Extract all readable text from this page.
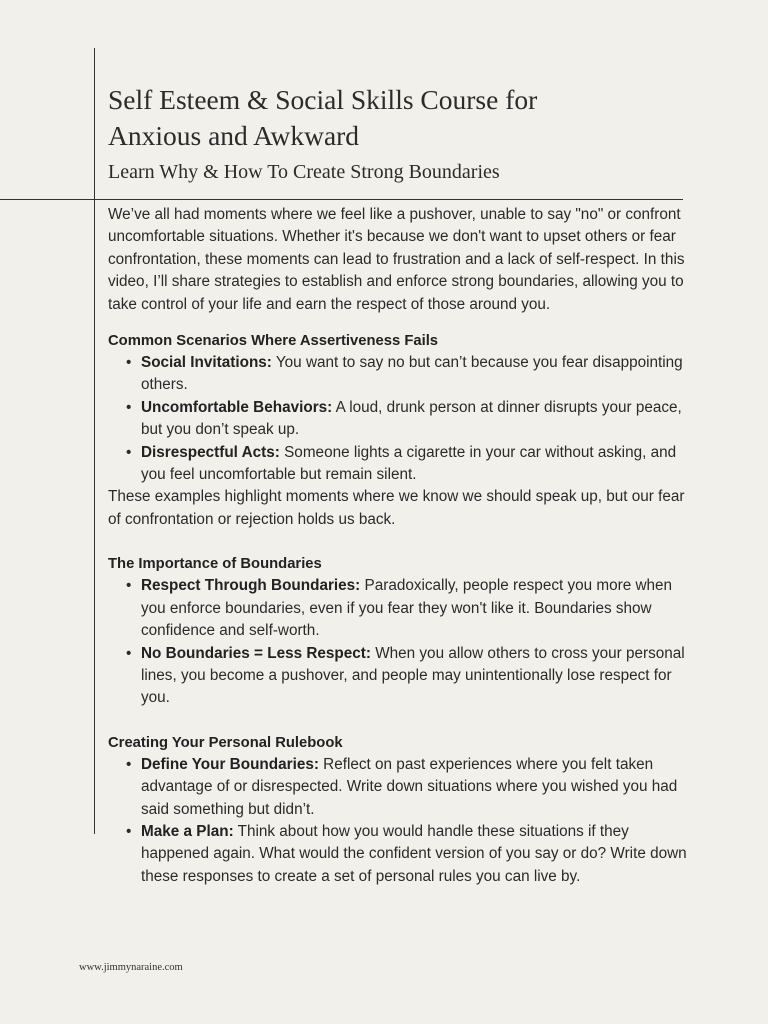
Self Esteem & Social Skills Course for
Anxious and Awkward
Learn Why & How To Create Strong Boundaries

We’ve all had moments where we feel like a pushover, unable to say "no" or confront uncomfortable situations. Whether it's because we don't want to upset others or fear confrontation, these moments can lead to frustration and a lack of self-respect. In this video, I’ll share strategies to establish and enforce strong boundaries, allowing you to take control of your life and earn the respect of those around you.

Common Scenarios Where Assertiveness Fails
• Social Invitations: You want to say no but can’t because you fear disappointing others.
• Uncomfortable Behaviors: A loud, drunk person at dinner disrupts your peace, but you don’t speak up.
• Disrespectful Acts: Someone lights a cigarette in your car without asking, and you feel uncomfortable but remain silent.

These examples highlight moments where we know we should speak up, but our fear of confrontation or rejection holds us back.

The Importance of Boundaries
• Respect Through Boundaries: Paradoxically, people respect you more when you enforce boundaries, even if you fear they won't like it. Boundaries show confidence and self-worth.
• No Boundaries = Less Respect: When you allow others to cross your personal lines, you become a pushover, and people may unintentionally lose respect for you.
Creating Your Personal Rulebook
• Define Your Boundaries: Reflect on past experiences where you felt taken advantage of or disrespected. Write down situations where you wished you had said something but didn’t.
• Make a Plan: Think about how you would handle these situations if they happened again. What would the confident version of you say or do? Write down these responses to create a set of personal rules you can live by.

www.jimmynaraine.com
